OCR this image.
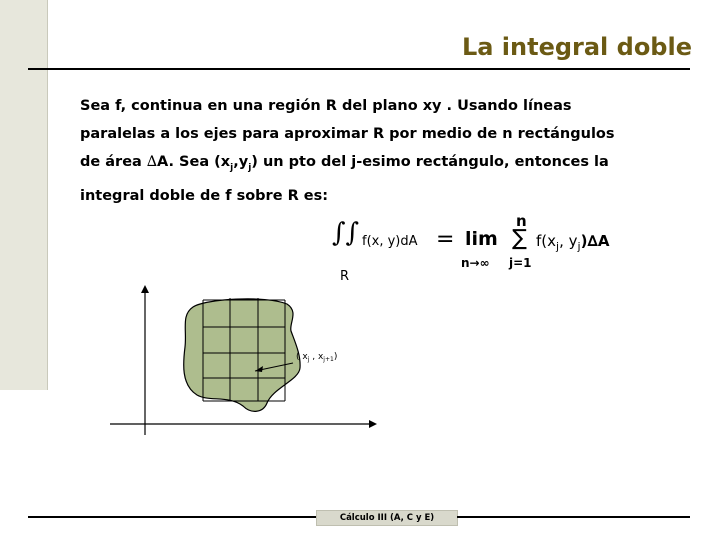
La integral doble

Sea f, continua en una región R del plano xy . Usando líneas
paralelas a los ejes para aproximar R por medio de n rectángulos
de área ∆A. Sea $(x_j,y_j)$ un pto del j-esimo rectángulo, entonces la
integral doble de f sobre R es:

∫∫
R
f(x, y)dA = lim
n→∞
n
∑
j=1
$f(x_j$, $y_j)\Delta A$
( $x_j$ , $x_{j+1}$)
Cálculo III (A, C y E)
